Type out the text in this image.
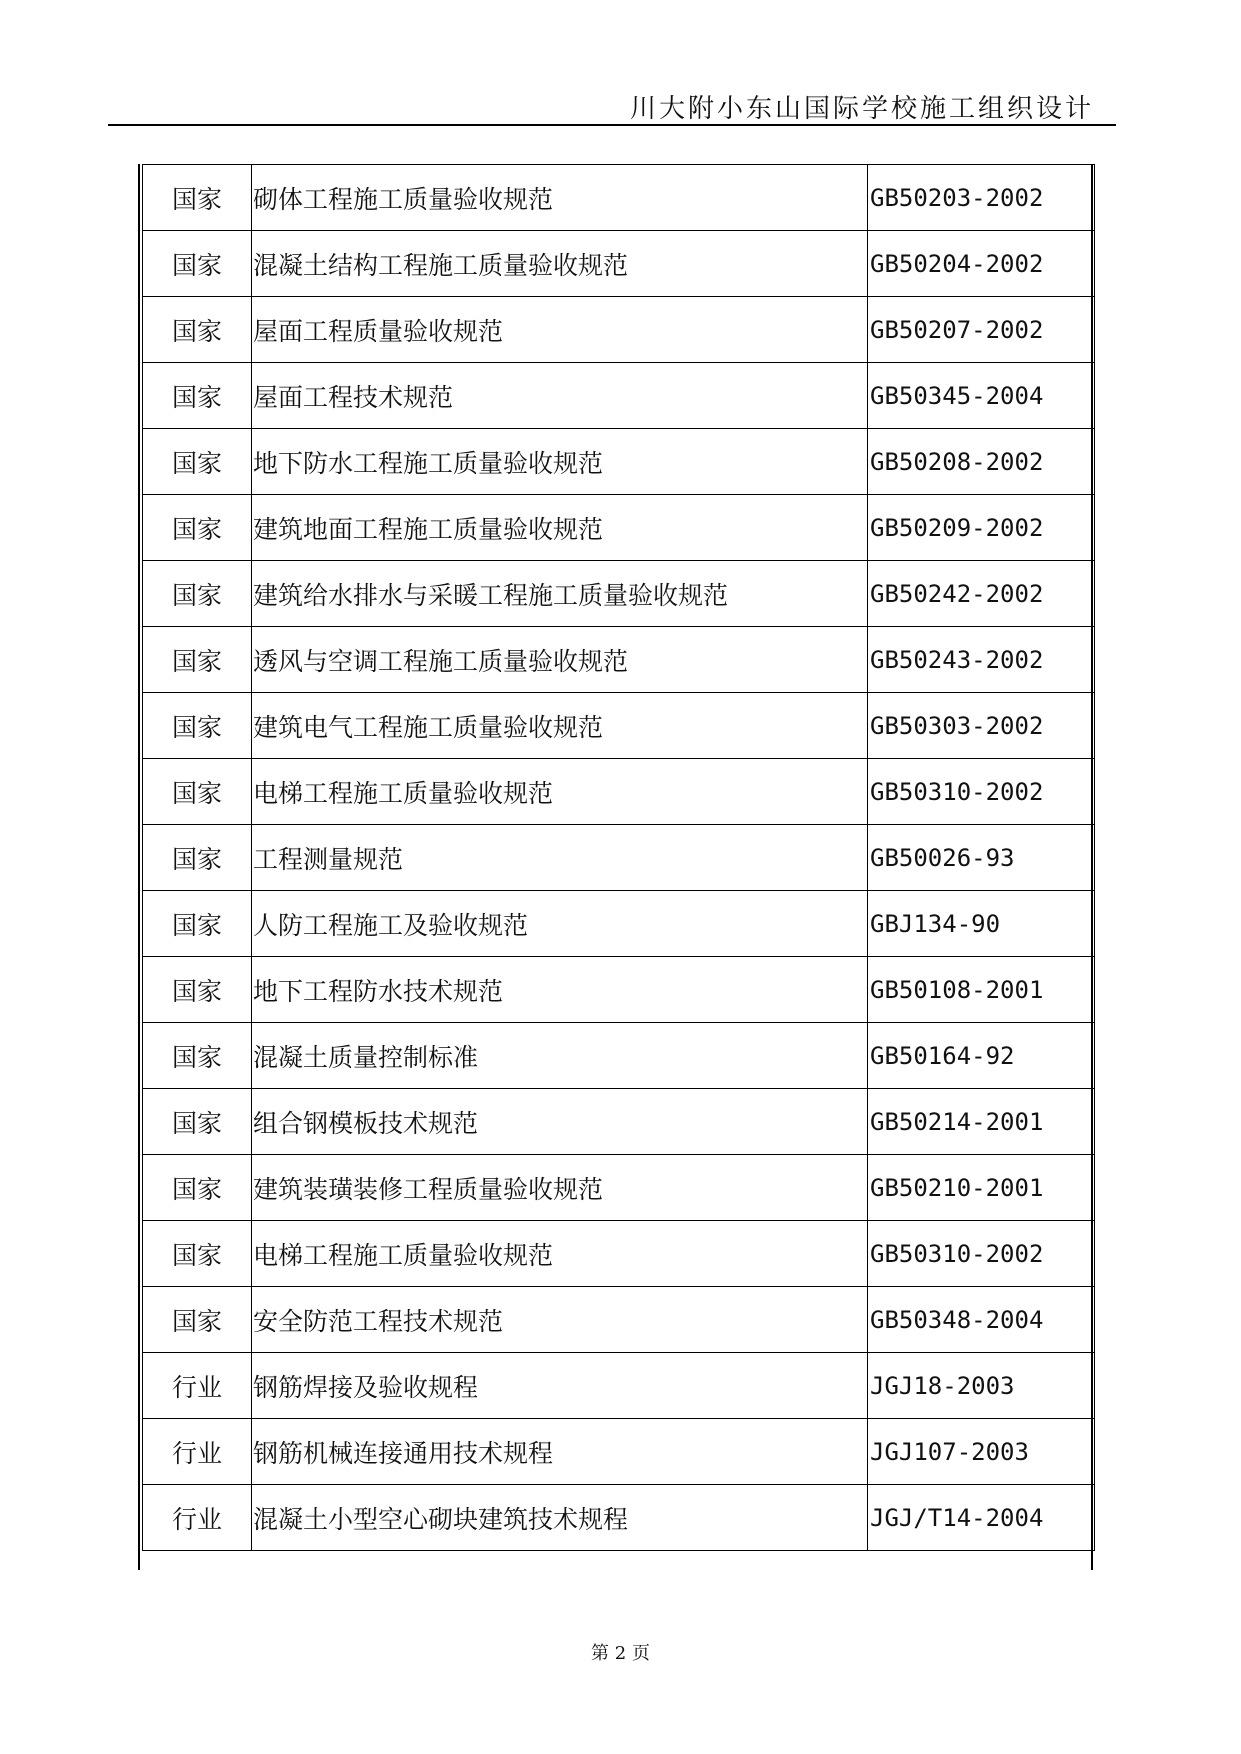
川大附小东山国际学校施工组织设计
国家	砌体工程施工质量验收规范	GB50203-2002
国家	混凝土结构工程施工质量验收规范	GB50204-2002
国家	屋面工程质量验收规范	GB50207-2002
国家	屋面工程技术规范	GB50345-2004
国家	地下防水工程施工质量验收规范	GB50208-2002
国家	建筑地面工程施工质量验收规范	GB50209-2002
国家	建筑给水排水与采暖工程施工质量验收规范	GB50242-2002
国家	透风与空调工程施工质量验收规范	GB50243-2002
国家	建筑电气工程施工质量验收规范	GB50303-2002
国家	电梯工程施工质量验收规范	GB50310-2002
国家	工程测量规范	GB50026-93
国家	人防工程施工及验收规范	GBJ134-90
国家	地下工程防水技术规范	GB50108-2001
国家	混凝土质量控制标准	GB50164-92
国家	组合钢模板技术规范	GB50214-2001
国家	建筑装璜装修工程质量验收规范	GB50210-2001
国家	电梯工程施工质量验收规范	GB50310-2002
国家	安全防范工程技术规范	GB50348-2004
行业	钢筋焊接及验收规程	JGJ18-2003
行业	钢筋机械连接通用技术规程	JGJ107-2003
行业	混凝土小型空心砌块建筑技术规程	JGJ/T14-2004
第 2 页
